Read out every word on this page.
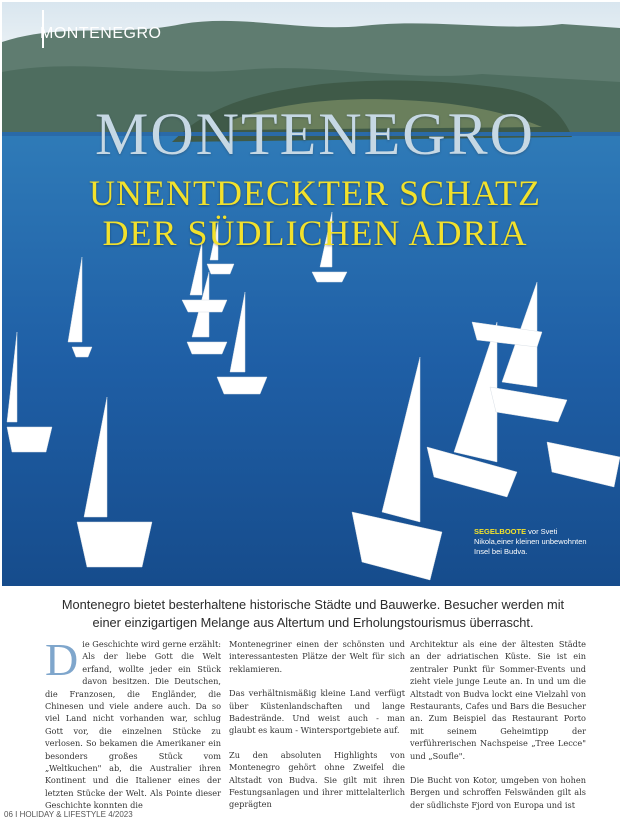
MONTENEGRO
MONTENEGRO
UNENTDECKTER SCHATZ
DER SÜDLICHEN ADRIA
SEGELBOOTE vor Sveti Nikola,einer kleinen unbewohnten Insel bei Budva.
Montenegro bietet besterhaltene historische Städte und Bauwerke. Besucher werden mit einer einzigartigen Melange aus Altertum und Erholungstourismus überrascht.

Die Geschichte wird gerne erzählt: Als der liebe Gott die Welt erfand, wollte jeder ein Stück davon besitzen. Die Deutschen, die Franzosen, die Engländer, die Chinesen und viele andere auch. Da so viel Land nicht vorhanden war, schlug Gott vor, die einzelnen Stücke zu verlosen. So bekamen die Amerikaner ein besonders großes Stück vom „Weltkuchen" ab, die Australier ihren Kontinent und die Italiener eines der letzten Stücke der Welt. Als Pointe dieser Geschichte konnten die

Montenegriner einen der schönsten und interessantesten Plätze der Welt für sich reklamieren.

Das verhältnismäßig kleine Land verfügt über Küstenlandschaften und lange Badestrände. Und weist auch - man glaubt es kaum - Wintersportgebiete auf.

Zu den absoluten Highlights von Montenegro gehört ohne Zweifel die Altstadt von Budva. Sie gilt mit ihren Festungsanlagen und ihrer mittelalterlich geprägten

Architektur als eine der ältesten Städte an der adriatischen Küste. Sie ist ein zentraler Punkt für Sommer-Events und zieht viele junge Leute an. In und um die Altstadt von Budva lockt eine Vielzahl von Restaurants, Cafes und Bars die Besucher an. Zum Beispiel das Restaurant Porto mit seinem Geheimtipp der verführerischen Nachspeise „Tree Lecce" und „Soufle".

Die Bucht von Kotor, umgeben von hohen Bergen und schroffen Felswänden gilt als der südlichste Fjord von Europa und ist

06 I HOLIDAY & LIFESTYLE 4/2023
